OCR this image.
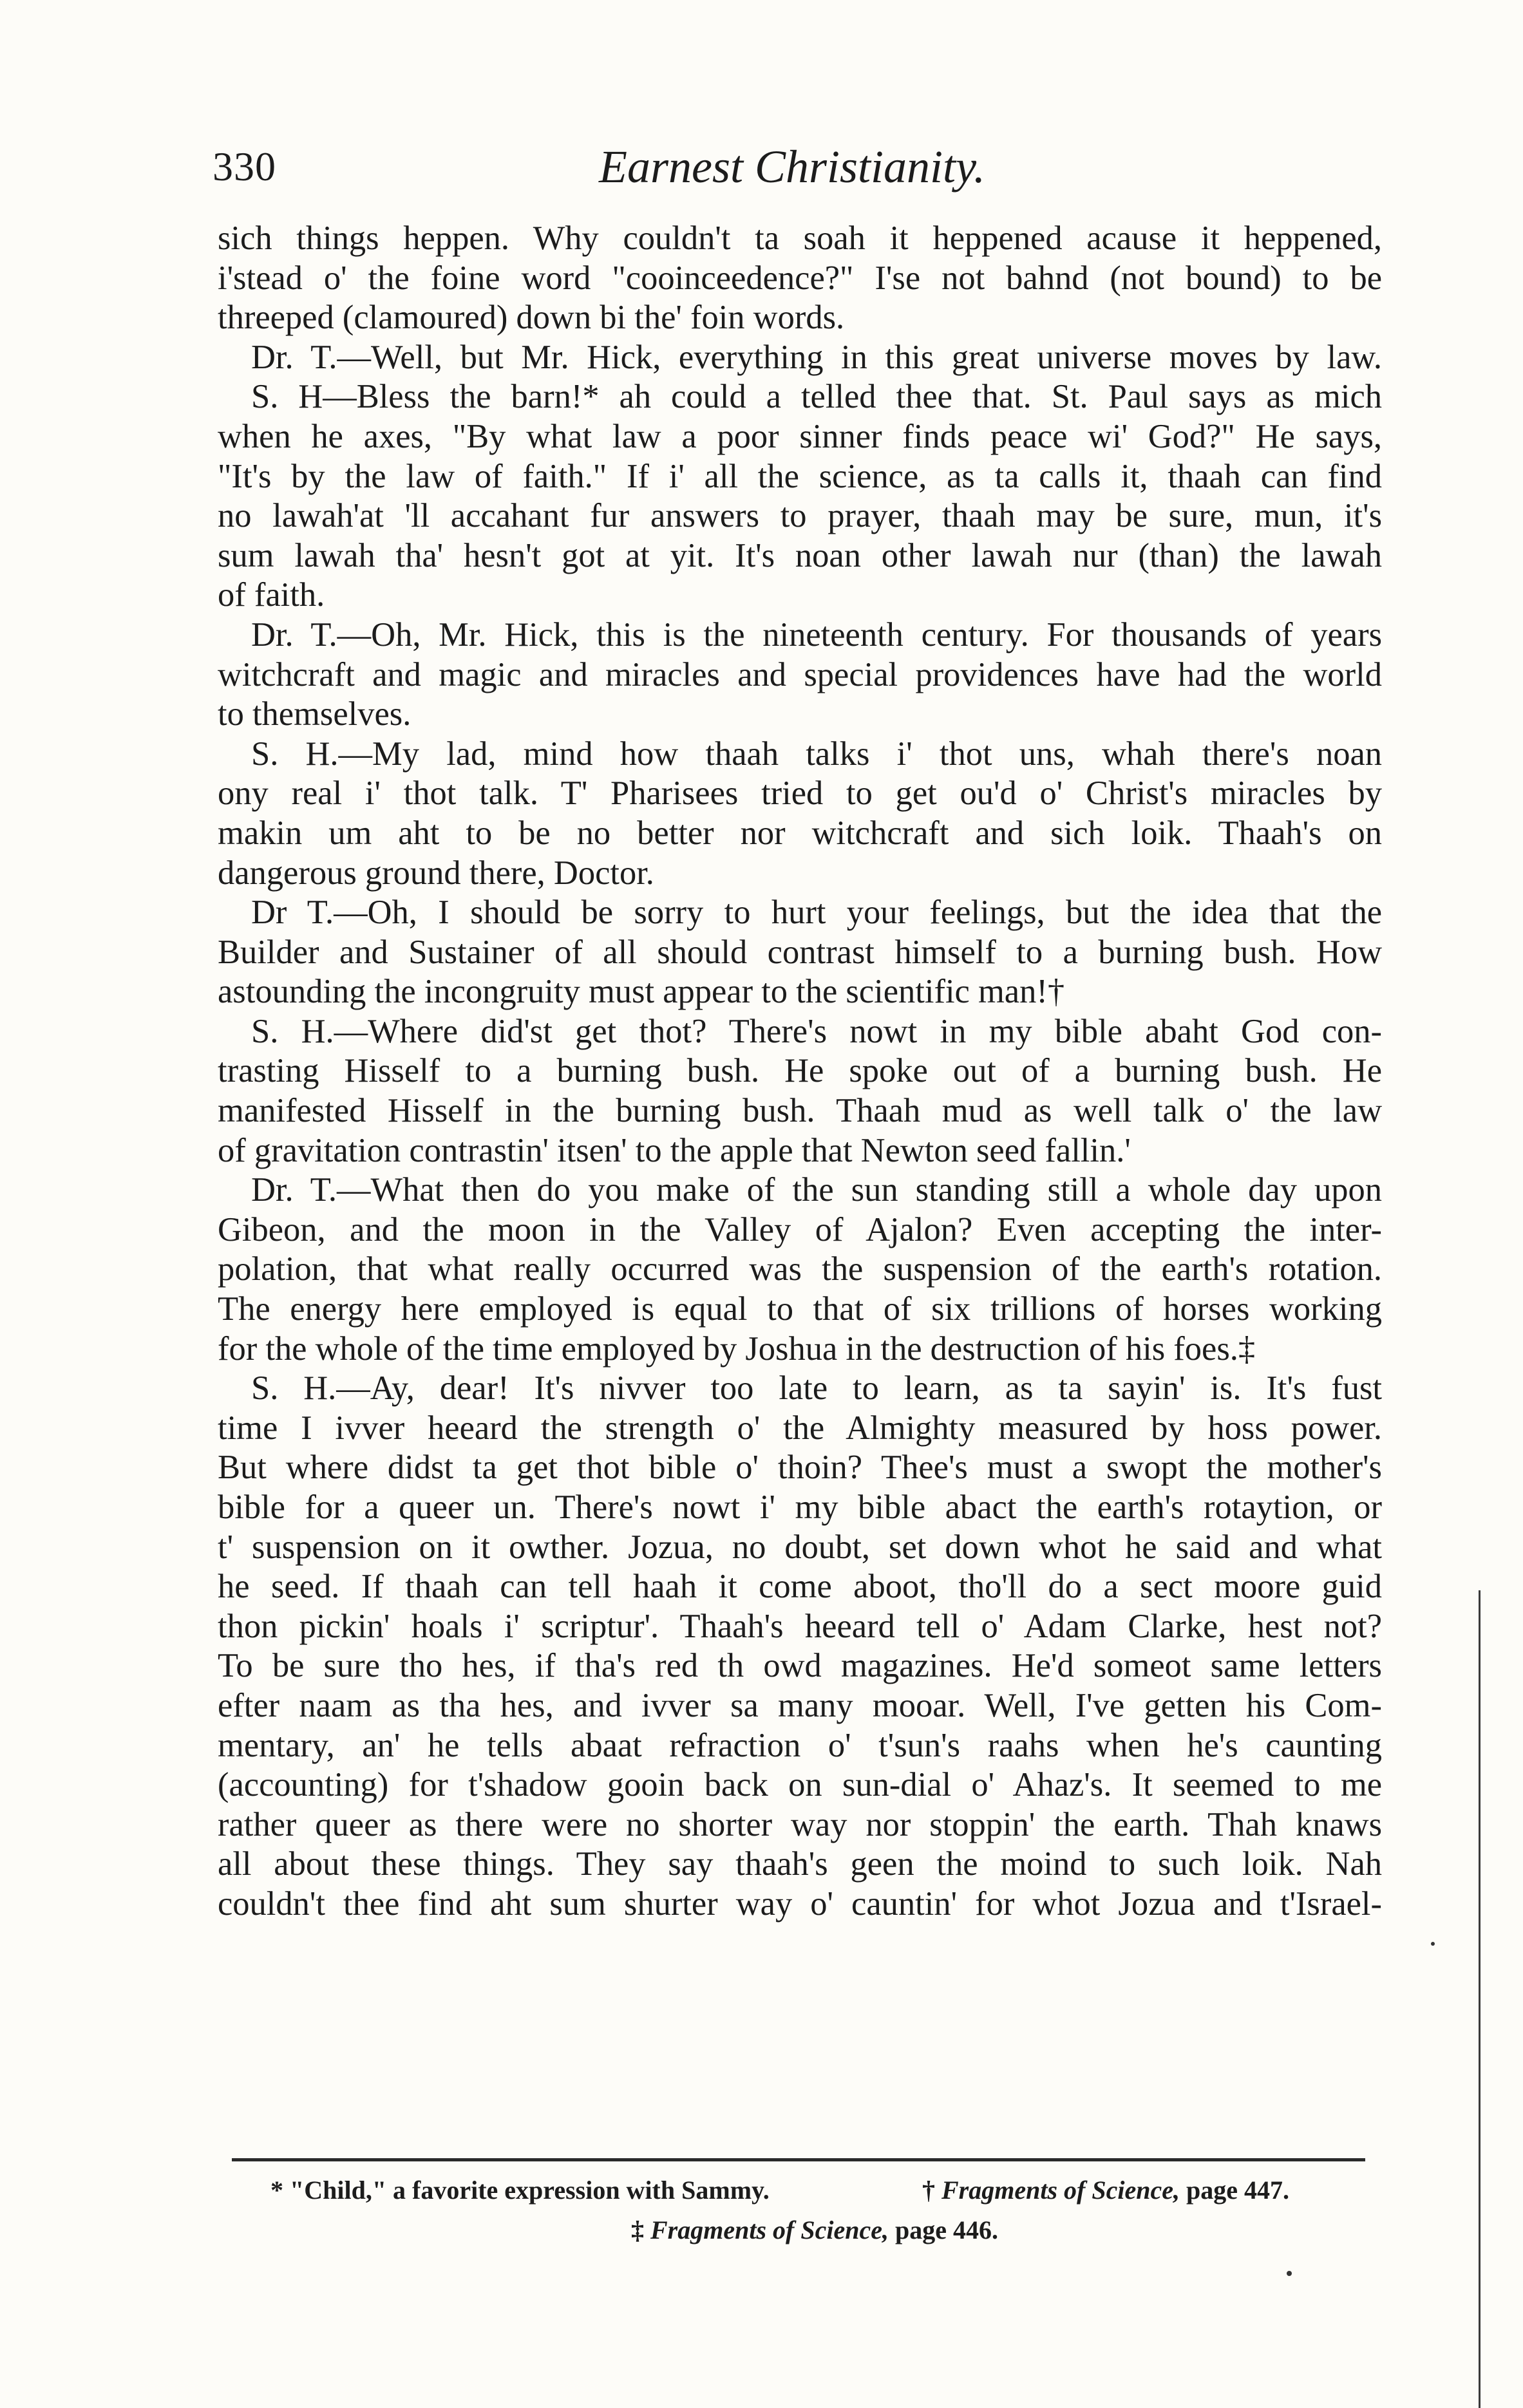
330	Earnest Christianity.
sich things heppen. Why couldn't ta soah it heppened acause it heppened,
i'stead o' the foine word "cooinceedence?" I'se not bahnd (not bound) to be
threeped (clamoured) down bi the' foin words.
Dr. T.—Well, but Mr. Hick, everything in this great universe moves by law.
S. H—Bless the barn!* ah could a telled thee that. St. Paul says as mich
when he axes, "By what law a poor sinner finds peace wi' God?" He says,
"It's by the law of faith." If i' all the science, as ta calls it, thaah can find
no lawah'at 'll accahant fur answers to prayer, thaah may be sure, mun, it's
sum lawah tha' hesn't got at yit. It's noan other lawah nur (than) the lawah
of faith.
Dr. T.—Oh, Mr. Hick, this is the nineteenth century. For thousands of years
witchcraft and magic and miracles and special providences have had the world
to themselves.
S. H.—My lad, mind how thaah talks i' thot uns, whah there's noan
ony real i' thot talk. T' Pharisees tried to get ou'd o' Christ's miracles by
makin um aht to be no better nor witchcraft and sich loik. Thaah's on
dangerous ground there, Doctor.
Dr T.—Oh, I should be sorry to hurt your feelings, but the idea that the
Builder and Sustainer of all should contrast himself to a burning bush. How
astounding the incongruity must appear to the scientific man!†
S. H.—Where did'st get thot? There's nowt in my bible abaht God con-
trasting Hisself to a burning bush. He spoke out of a burning bush. He
manifested Hisself in the burning bush. Thaah mud as well talk o' the law
of gravitation contrastin' itsen' to the apple that Newton seed fallin.'
Dr. T.—What then do you make of the sun standing still a whole day upon
Gibeon, and the moon in the Valley of Ajalon? Even accepting the inter-
polation, that what really occurred was the suspension of the earth's rotation.
The energy here employed is equal to that of six trillions of horses working
for the whole of the time employed by Joshua in the destruction of his foes.‡
S. H.—Ay, dear! It's nivver too late to learn, as ta sayin' is. It's fust
time I ivver heeard the strength o' the Almighty measured by hoss power.
But where didst ta get thot bible o' thoin? Thee's must a swopt the mother's
bible for a queer un. There's nowt i' my bible abact the earth's rotaytion, or
t' suspension on it owther. Jozua, no doubt, set down whot he said and what
he seed. If thaah can tell haah it come aboot, tho'll do a sect moore guid
thon pickin' hoals i' scriptur'. Thaah's heeard tell o' Adam Clarke, hest not?
To be sure tho hes, if tha's red th owd magazines. He'd someot same letters
efter naam as tha hes, and ivver sa many mooar. Well, I've getten his Com-
mentary, an' he tells abaat refraction o' t'sun's raahs when he's caunting
(accounting) for t'shadow gooin back on sun-dial o' Ahaz's. It seemed to me
rather queer as there were no shorter way nor stoppin' the earth. Thah knaws
all about these things. They say thaah's geen the moind to such loik. Nah
couldn't thee find aht sum shurter way o' cauntin' for whot Jozua and t'Israel-
* "Child," a favorite expression with Sammy.	† Fragments of Science, page 447.
‡ Fragments of Science, page 446.
